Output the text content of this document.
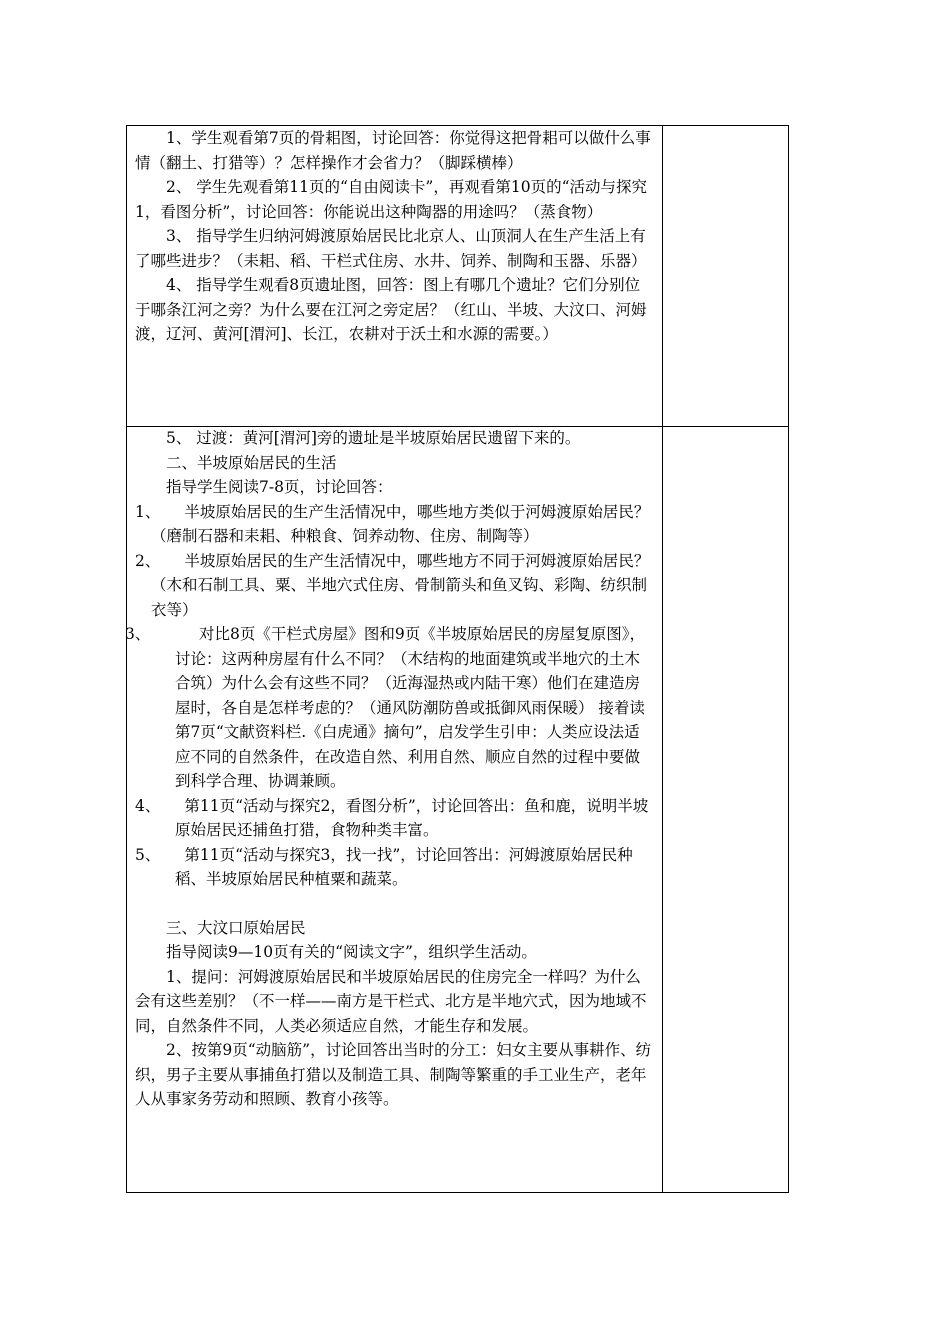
1、学生观看第7页的骨耜图，讨论回答：你觉得这把骨耜可以做什么事情（翻土、打猎等）？怎样操作才会省力？（脚踩横棒）

2、 学生先观看第11页的“自由阅读卡”，再观看第10页的“活动与探究1，看图分析”，讨论回答：你能说出这种陶器的用途吗？（蒸食物）

3、 指导学生归纳河姆渡原始居民比北京人、山顶洞人在生产生活上有了哪些进步？（耒耜、稻、干栏式住房、水井、饲养、制陶和玉器、乐器）

4、 指导学生观看8页遗址图，回答：图上有哪几个遗址？它们分别位于哪条江河之旁？为什么要在江河之旁定居？（红山、半坡、大汶口、河姆渡，辽河、黄河[渭河]、长江，农耕对于沃土和水源的需要。）

5、 过渡：黄河[渭河]旁的遗址是半坡原始居民遗留下来的。

二、半坡原始居民的生活

指导学生阅读7-8页，讨论回答：

1、 半坡原始居民的生产生活情况中，哪些地方类似于河姆渡原始居民？

（磨制石器和耒耜、种粮食、饲养动物、住房、制陶等）

2、 半坡原始居民的生产生活情况中，哪些地方不同于河姆渡原始居民？

（木和石制工具、粟、半地穴式住房、骨制箭头和鱼叉钩、彩陶、纺织制衣等）

3、	对比8页《干栏式房屋》图和9页《半坡原始居民的房屋复原图》，讨论：这两种房屋有什么不同？（木结构的地面建筑或半地穴的土木合筑）为什么会有这些不同？（近海湿热或内陆干寒）他们在建造房屋时，各自是怎样考虑的？（通风防潮防兽或抵御风雨保暖） 接着读第7页“文献资料栏.《白虎通》摘句”，启发学生引申：人类应设法适应不同的自然条件，在改造自然、利用自然、顺应自然的过程中要做到科学合理、协调兼顾。

4、 第11页“活动与探究2，看图分析”，讨论回答出：鱼和鹿，说明半坡原始居民还捕鱼打猎，食物种类丰富。

5、 第11页“活动与探究3，找一找”，讨论回答出：河姆渡原始居民种稻、半坡原始居民种植粟和蔬菜。

三、大汶口原始居民

指导阅读9—10页有关的“阅读文字”，组织学生活动。

1、提问：河姆渡原始居民和半坡原始居民的住房完全一样吗？为什么会有这些差别？（不一样——南方是干栏式、北方是半地穴式，因为地域不同，自然条件不同，人类必须适应自然，才能生存和发展。

2、按第9页“动脑筋”，讨论回答出当时的分工：妇女主要从事耕作、纺织，男子主要从事捕鱼打猎以及制造工具、制陶等繁重的手工业生产，老年人从事家务劳动和照顾、教育小孩等。
